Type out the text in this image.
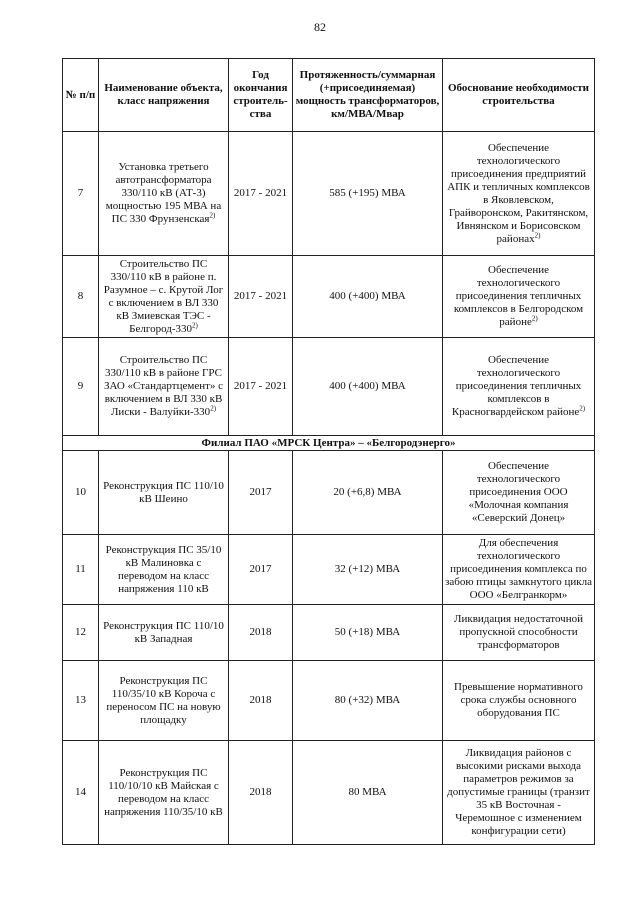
82
№ п/п	Наименование объекта, класс напряжения	Год окончания строитель-ства	Протяженность/суммарная (+присоединяемая) мощность трансформаторов, км/МВА/Мвар	Обоснование необходимости строительства
7	Установка третьего автотрансформатора 330/110 кВ (АТ-3) мощностью 195 МВА на ПС 330 Фрунзенская$^{2)}$	2017 - 2021	585 (+195) МВА	Обеспечение технологического присоединения предприятий АПК и тепличных комплексов в Яковлевском, Грайворонском, Ракитянском, Ивнянском и Борисовском районах$^{2)}$
8	Строительство ПС 330/110 кВ в районе п. Разумное – с. Крутой Лог с включением в ВЛ 330 кВ Змиевская ТЭС - Белгород-330$^{2)}$	2017 - 2021	400 (+400) МВА	Обеспечение технологического присоединения тепличных комплексов в Белгородском районе$^{2)}$
9	Строительство ПС 330/110 кВ в районе ГРС ЗАО «Стандартцемент» с включением в ВЛ 330 кВ Лиски - Валуйки-330$^{2)}$	2017 - 2021	400 (+400) МВА	Обеспечение технологического присоединения тепличных комплексов в Красногвардейском районе$^{2)}$
Филиал ПАО «МРСК Центра» – «Белгородэнерго»				
10	Реконструкция ПС 110/10 кВ Шеино	2017	20 (+6,8) МВА	Обеспечение технологического присоединения ООО «Молочная компания «Северский Донец»
11	Реконструкция ПС 35/10 кВ Малиновка с переводом на класс напряжения 110 кВ	2017	32 (+12) МВА	Для обеспечения технологического присоединения комплекса по забою птицы замкнутого цикла ООО «Белгранкорм»
12	Реконструкция ПС 110/10 кВ Западная	2018	50 (+18) МВА	Ликвидация недостаточной пропускной способности трансформаторов
13	Реконструкция ПС 110/35/10 кВ Короча с переносом ПС на новую площадку	2018	80 (+32) МВА	Превышение нормативного срока службы основного оборудования ПС
14	Реконструкция ПС 110/10/10 кВ Майская с переводом на класс напряжения 110/35/10 кВ	2018	80 МВА	Ликвидация районов с высокими рисками выхода параметров режимов за допустимые границы (транзит 35 кВ Восточная - Черемошное с изменением конфигурации сети)
